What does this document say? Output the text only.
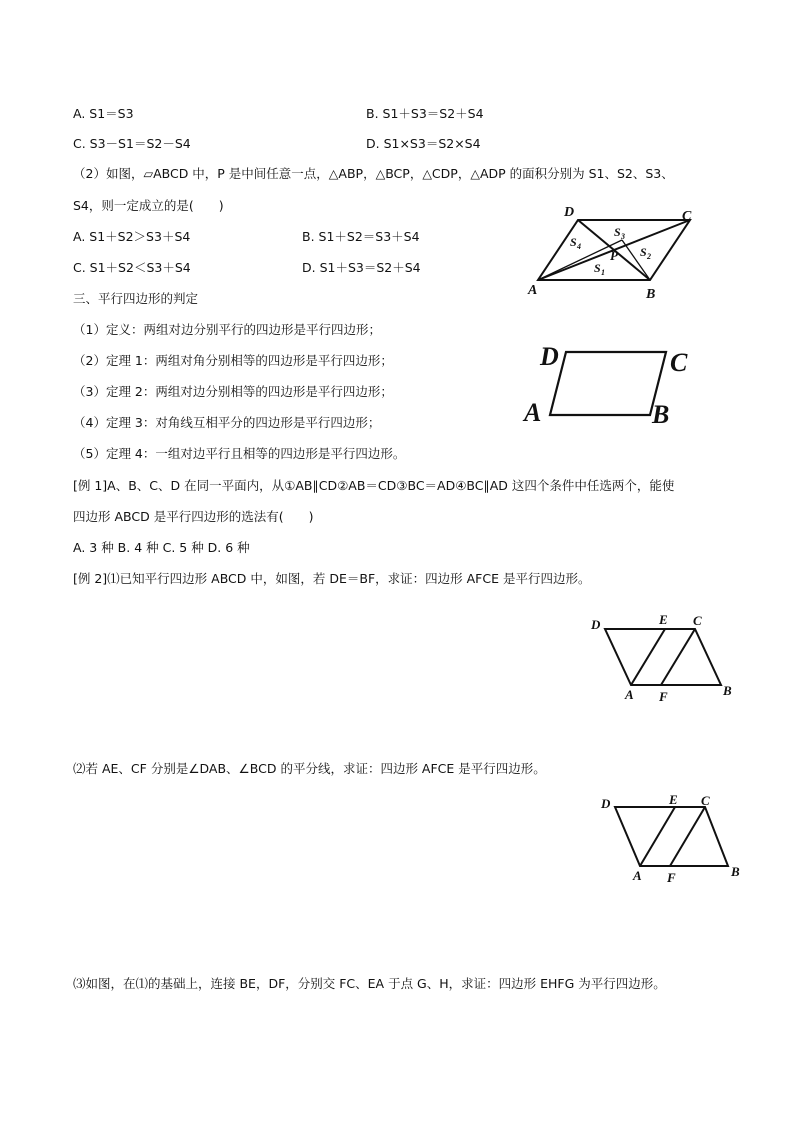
A. S1＝S3	B. S1＋S3＝S2＋S4
C. S3－S1＝S2－S4	D. S1×S3＝S2×S4
（2）如图，▱ABCD 中，P 是中间任意一点，△ABP，△BCP，△CDP，△ADP 的面积分别为 S1、S2、S3、
S4，则一定成立的是(　　)
A. S1＋S2＞S3＋S4	B. S1＋S2＝S3＋S4
C. S1＋S2＜S3＋S4	D. S1＋S3＝S2＋S4
D	C
A	B
P
S 3
S 4	S 2
S 1
三、平行四边形的判定
（1）定义：两组对边分别平行的四边形是平行四边形；
（2）定理 1：两组对角分别相等的四边形是平行四边形；
（3）定理 2：两组对边分别相等的四边形是平行四边形；
（4）定理 3：对角线互相平分的四边形是平行四边形；
（5）定理 4：一组对边平行且相等的四边形是平行四边形。
D	C
A	B
[例 1]A、B、C、D 在同一平面内，从①AB∥CD②AB＝CD③BC＝AD④BC∥AD 这四个条件中任选两个，能使
四边形 ABCD 是平行四边形的选法有(　　)
A. 3 种 B. 4 种 C. 5 种 D. 6 种
[例 2]⑴已知平行四边形 ABCD 中，如图，若 DE＝BF，求证：四边形 AFCE 是平行四边形。
D	E C
A F	B
⑵若 AE、CF 分别是∠DAB、∠BCD 的平分线，求证：四边形 AFCE 是平行四边形。
D	E C
A F	B
⑶如图，在⑴的基础上，连接 BE，DF，分别交 FC、EA 于点 G、H，求证：四边形 EHFG 为平行四边形。
